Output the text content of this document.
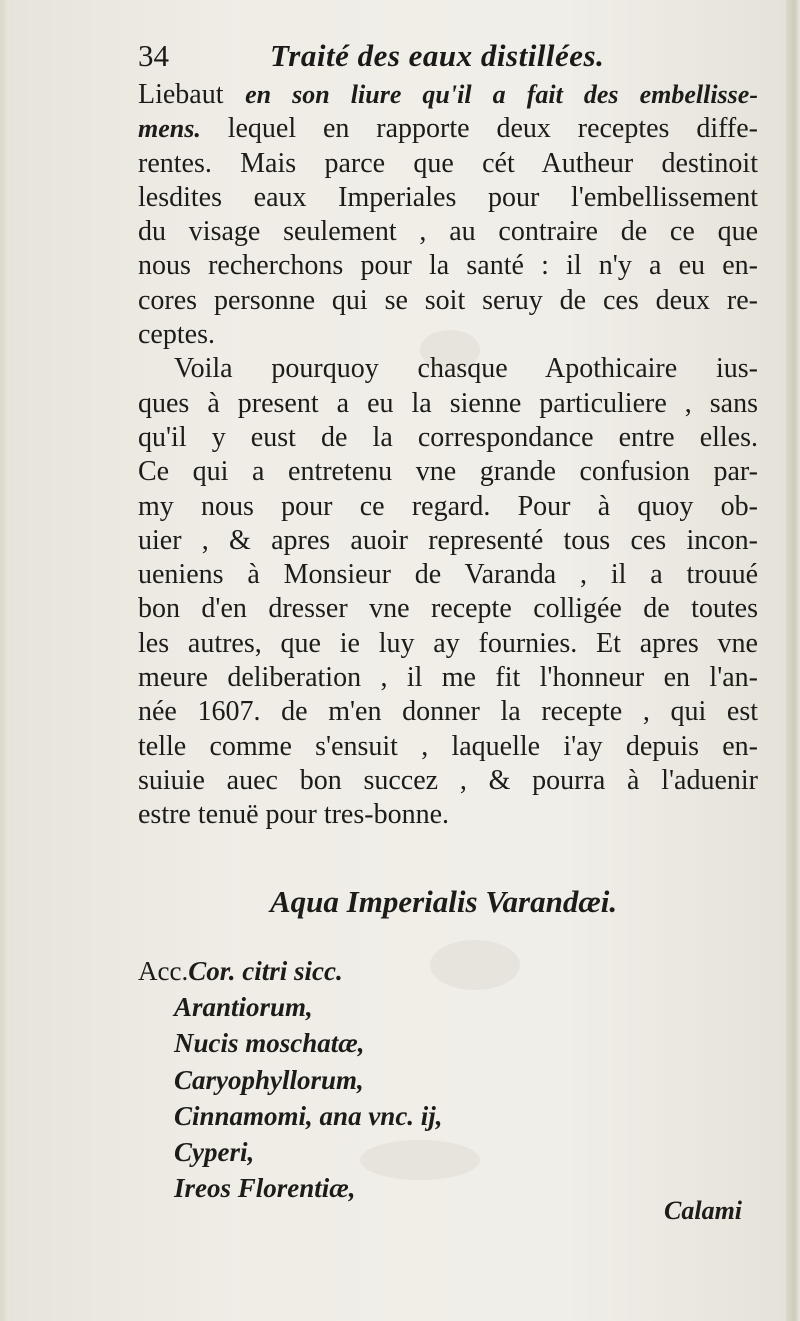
34	Traité des eaux distillées.
Liebaut en son liure qu'il a fait des embellisse-
mens. lequel en rapporte deux receptes diffe-
rentes. Mais parce que cét Autheur destinoit
lesdites eaux Imperiales pour l'embellissement
du visage seulement , au contraire de ce que
nous recherchons pour la santé : il n'y a eu en-
cores personne qui se soit seruy de ces deux re-
ceptes.
Voila pourquoy chasque Apothicaire ius-
ques à present a eu la sienne particuliere , sans
qu'il y eust de la correspondance entre elles.
Ce qui a entretenu vne grande confusion par-
my nous pour ce regard. Pour à quoy ob-
uier , & apres auoir representé tous ces incon-
ueniens à Monsieur de Varanda , il a trouué
bon d'en dresser vne recepte colligée de toutes
les autres, que ie luy ay fournies. Et apres vne
meure deliberation , il me fit l'honneur en l'an-
née 1607. de m'en donner la recepte , qui est
telle comme s'ensuit , laquelle i'ay depuis en-
suiuie auec bon succez , & pourra à l'aduenir
estre tenuë pour tres-bonne.
Aqua Imperialis Varandæi.
Acc.Cor. citri sicc.
Arantiorum,
Nucis moschatæ,
Caryophyllorum,
Cinnamomi, ana vnc. ij,
Cyperi,
Ireos Florentiæ,
Calami
